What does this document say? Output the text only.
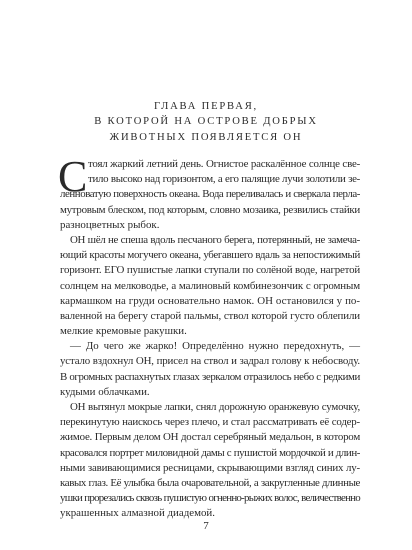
ГЛАВА ПЕРВАЯ,
В КОТОРОЙ НА ОСТРОВЕ ДОБРЫХ
ЖИВОТНЫХ ПОЯВЛЯЕТСЯ ОН
С тоял жаркий летний день. Огнистое раскалённое солнце све-
тило высоко над горизонтом, а его палящие лучи золотили зе-
ленноватую поверхность океана. Вода переливалась и сверкала перла-
мутровым блеском, под которым, словно мозаика, резвились стайки
разноцветных рыбок.
ОН шёл не спеша вдоль песчаного берега, потерянный, не замеча-
ющий красоты могучего океана, убегавшего вдаль за непостижимый
горизонт. ЕГО пушистые лапки ступали по солёной воде, нагретой
солнцем на мелководье, а малиновый комбинезончик с огромным
кармашком на груди основательно намок. ОН остановился у по-
валенной на берегу старой пальмы, ствол которой густо облепили
мелкие кремовые ракушки.
— До чего же жарко! Определённо нужно передохнуть, —
устало вздохнул ОН, присел на ствол и задрал голову к небосводу.
В огромных распахнутых глазах зеркалом отразилось небо с редкими
кудыми облачками.
ОН вытянул мокрые лапки, снял дорожную оранжевую сумочку,
перекинутую наискось через плечо, и стал рассматривать её содер-
жимое. Первым делом ОН достал серебряный медальон, в котором
красовался портрет миловидной дамы с пушистой мордочкой и длин-
ными завивающимися ресницами, скрывающими взгляд синих лу-
кавых глаз. Её улыбка была очаровательной, а закругленные длинные
ушки прорезались сквозь пушистую огненно-рыжих волос, величественно
украшенных алмазной диадемой.
7
